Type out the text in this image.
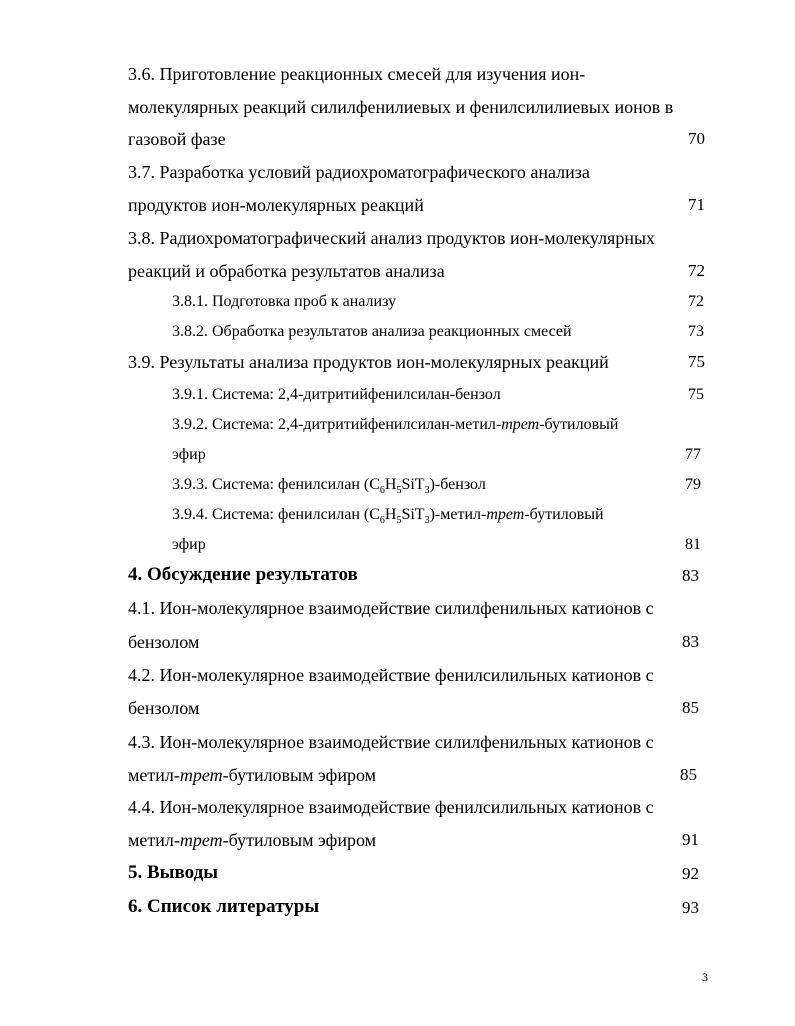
3.6. Приготовление реакционных смесей для изучения ион-
молекулярных реакций силилфенилиевых и фенилсилилиевых ионов в
газовой фазе	70
3.7. Разработка условий радиохроматографического анализа
продуктов ион-молекулярных реакций	71
3.8. Радиохроматографический анализ продуктов ион-молекулярных
реакций и обработка результатов анализа	72
3.8.1. Подготовка проб к анализу	72
3.8.2. Обработка результатов анализа реакционных смесей	73
3.9. Результаты анализа продуктов ион-молекулярных реакций	75
3.9.1. Система: 2,4-дитритийфенилсилан-бензол	75
3.9.2. Система: 2,4-дитритийфенилсилан-метил-трет-бутиловый
эфир	77
3.9.3. Система: фенилсилан $(C_6H_5SiT_3)$-бензол	79
3.9.4. Система: фенилсилан $(C_6H_5SiT_3)-метил-трет$-бутиловый
эфир	81
4. Обсуждение результатов	83
4.1. Ион-молекулярное взаимодействие силилфенильных катионов с
бензолом	83
4.2. Ион-молекулярное взаимодействие фенилсилильных катионов с
бензолом	85
4.3. Ион-молекулярное взаимодействие силилфенильных катионов с
метил-трет-бутиловым эфиром	85
4.4. Ион-молекулярное взаимодействие фенилсилильных катионов с
метил-трет-бутиловым эфиром	91
5. Выводы	92
6. Список литературы	93
3
